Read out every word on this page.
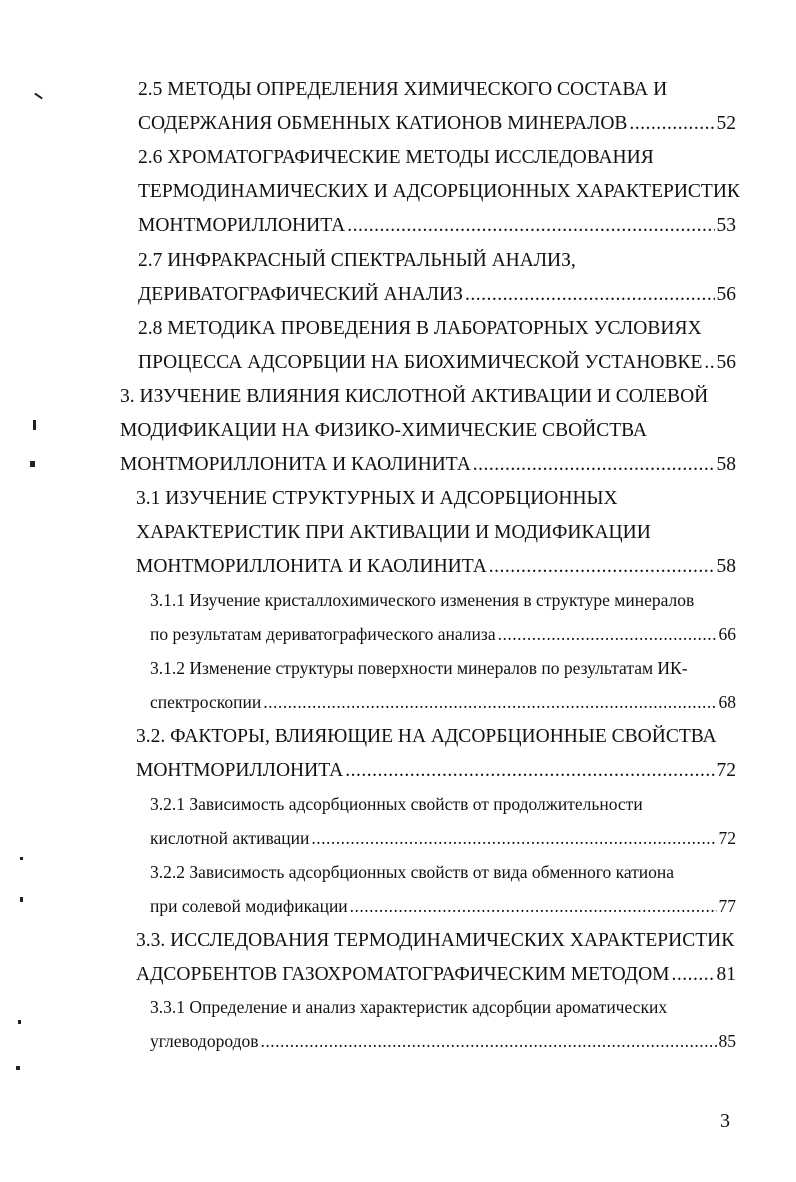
2.5 МЕТОДЫ ОПРЕДЕЛЕНИЯ ХИМИЧЕСКОГО СОСТАВА И
СОДЕРЖАНИЯ ОБМЕННЫХ КАТИОНОВ МИНЕРАЛОВ .....	52
2.6 ХРОМАТОГРАФИЧЕСКИЕ МЕТОДЫ ИССЛЕДОВАНИЯ
ТЕРМОДИНАМИЧЕСКИХ И АДСОРБЦИОННЫХ ХАРАКТЕРИСТИК
МОНТМОРИЛЛОНИТА .....	53
2.7 ИНФРАКРАСНЫЙ СПЕКТРАЛЬНЫЙ АНАЛИЗ,
ДЕРИВАТОГРАФИЧЕСКИЙ АНАЛИЗ .....	56
2.8 МЕТОДИКА ПРОВЕДЕНИЯ В ЛАБОРАТОРНЫХ УСЛОВИЯХ
ПРОЦЕССА АДСОРБЦИИ НА БИОХИМИЧЕСКОЙ УСТАНОВКЕ ..... 56
3. ИЗУЧЕНИЕ ВЛИЯНИЯ КИСЛОТНОЙ АКТИВАЦИИ И СОЛЕВОЙ
МОДИФИКАЦИИ НА ФИЗИКО-ХИМИЧЕСКИЕ СВОЙСТВА
МОНТМОРИЛЛОНИТА И КАОЛИНИТА .....	58
3.1 ИЗУЧЕНИЕ СТРУКТУРНЫХ И АДСОРБЦИОННЫХ
ХАРАКТЕРИСТИК ПРИ АКТИВАЦИИ И МОДИФИКАЦИИ
МОНТМОРИЛЛОНИТА И КАОЛИНИТА .....	58
3.1.1 Изучение кристаллохимического изменения в структуре минералов
по результатам дериватографического анализа .....	66
3.1.2 Изменение структуры поверхности минералов по результатам ИК-
спектроскопии .....	68
3.2. ФАКТОРЫ, ВЛИЯЮЩИЕ НА АДСОРБЦИОННЫЕ СВОЙСТВА
МОНТМОРИЛЛОНИТА .....	72
3.2.1 Зависимость адсорбционных свойств от продолжительности
кислотной активации .....	72
3.2.2 Зависимость адсорбционных свойств от вида обменного катиона
при солевой модификации .....	77
3.3. ИССЛЕДОВАНИЯ ТЕРМОДИНАМИЧЕСКИХ ХАРАКТЕРИСТИК
АДСОРБЕНТОВ ГАЗОХРОМАТОГРАФИЧЕСКИМ МЕТОДОМ ..... 81
3.3.1 Определение и анализ характеристик адсорбции ароматических
углеводородов .....	85
3
